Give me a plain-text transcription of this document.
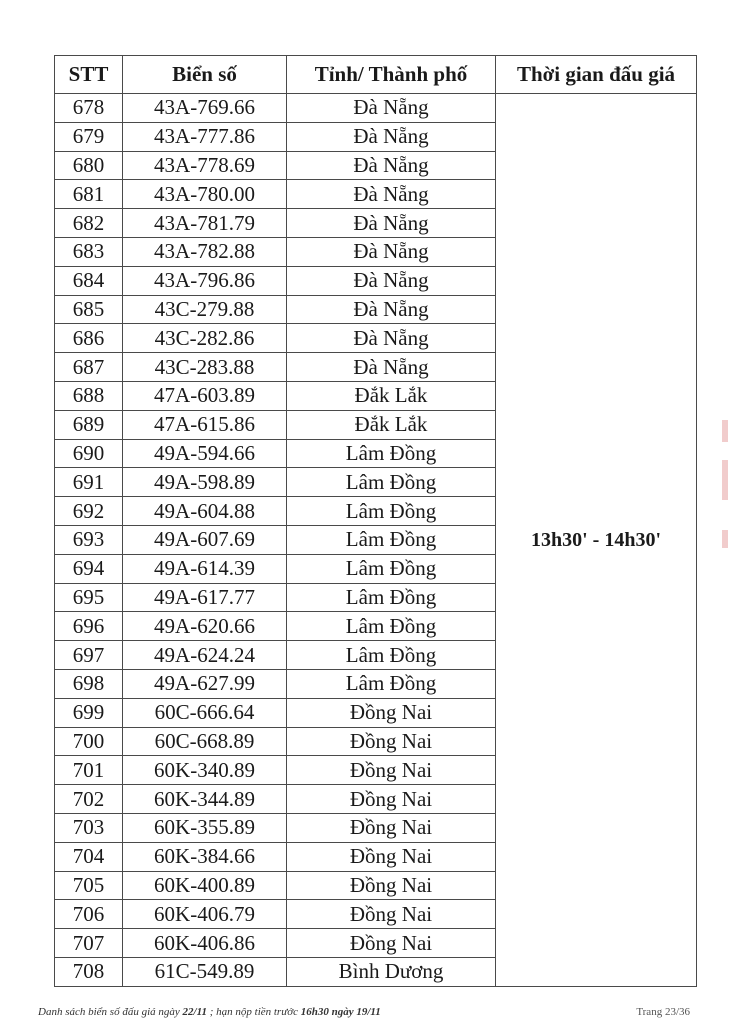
STT	Biển số	Tỉnh/ Thành phố	Thời gian đấu giá
678	43A-769.66	Đà Nẵng	13h30' - 14h30'
679	43A-777.86	Đà Nẵng	
680	43A-778.69	Đà Nẵng	
681	43A-780.00	Đà Nẵng	
682	43A-781.79	Đà Nẵng	
683	43A-782.88	Đà Nẵng	
684	43A-796.86	Đà Nẵng	
685	43C-279.88	Đà Nẵng	
686	43C-282.86	Đà Nẵng	
687	43C-283.88	Đà Nẵng	
688	47A-603.89	Đắk Lắk	
689	47A-615.86	Đắk Lắk	
690	49A-594.66	Lâm Đồng	
691	49A-598.89	Lâm Đồng	
692	49A-604.88	Lâm Đồng	
693	49A-607.69	Lâm Đồng	
694	49A-614.39	Lâm Đồng	
695	49A-617.77	Lâm Đồng	
696	49A-620.66	Lâm Đồng	
697	49A-624.24	Lâm Đồng	
698	49A-627.99	Lâm Đồng	
699	60C-666.64	Đồng Nai	
700	60C-668.89	Đồng Nai	
701	60K-340.89	Đồng Nai	
702	60K-344.89	Đồng Nai	
703	60K-355.89	Đồng Nai	
704	60K-384.66	Đồng Nai	
705	60K-400.89	Đồng Nai	
706	60K-406.79	Đồng Nai	
707	60K-406.86	Đồng Nai	
708	61C-549.89	Bình Dương	
Danh sách biển số đấu giá ngày 22/11 ; hạn nộp tiền trước 16h30 ngày 19/11	Trang 23/36
